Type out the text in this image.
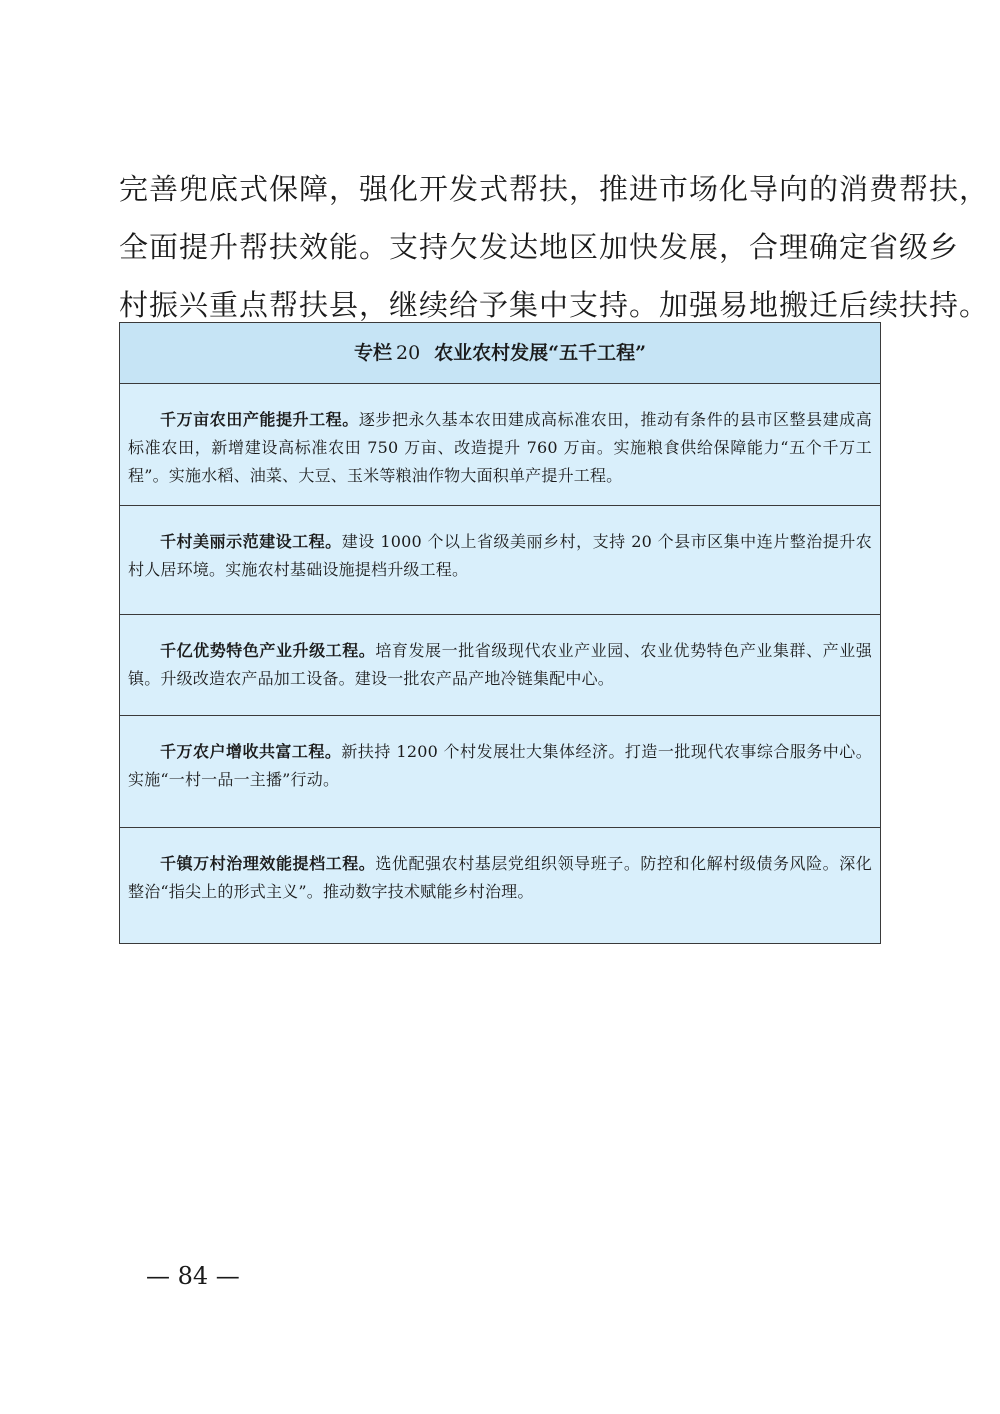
完善兜底式保障，强化开发式帮扶，推进市场化导向的消费帮扶，
全面提升帮扶效能。支持欠发达地区加快发展，合理确定省级乡
村振兴重点帮扶县，继续给予集中支持。加强易地搬迁后续扶持。
专栏 20 农业农村发展“五千工程”

千万亩农田产能提升工程。逐步把永久基本农田建成高标准农田，推动有条件的县市区整县建成高标准农田，新增建设高标准农田 750 万亩、改造提升 760 万亩。实施粮食供给保障能力“五个千万工程”。实施水稻、油菜、大豆、玉米等粮油作物大面积单产提升工程。

千村美丽示范建设工程。建设 1000 个以上省级美丽乡村，支持 20 个县市区集中连片整治提升农村人居环境。实施农村基础设施提档升级工程。

千亿优势特色产业升级工程。培育发展一批省级现代农业产业园、农业优势特色产业集群、产业强镇。升级改造农产品加工设备。建设一批农产品产地冷链集配中心。

千万农户增收共富工程。新扶持 1200 个村发展壮大集体经济。打造一批现代农事综合服务中心。实施“一村一品一主播”行动。

千镇万村治理效能提档工程。选优配强农村基层党组织领导班子。防控和化解村级债务风险。深化整治“指尖上的形式主义”。推动数字技术赋能乡村治理。

— 84 —
